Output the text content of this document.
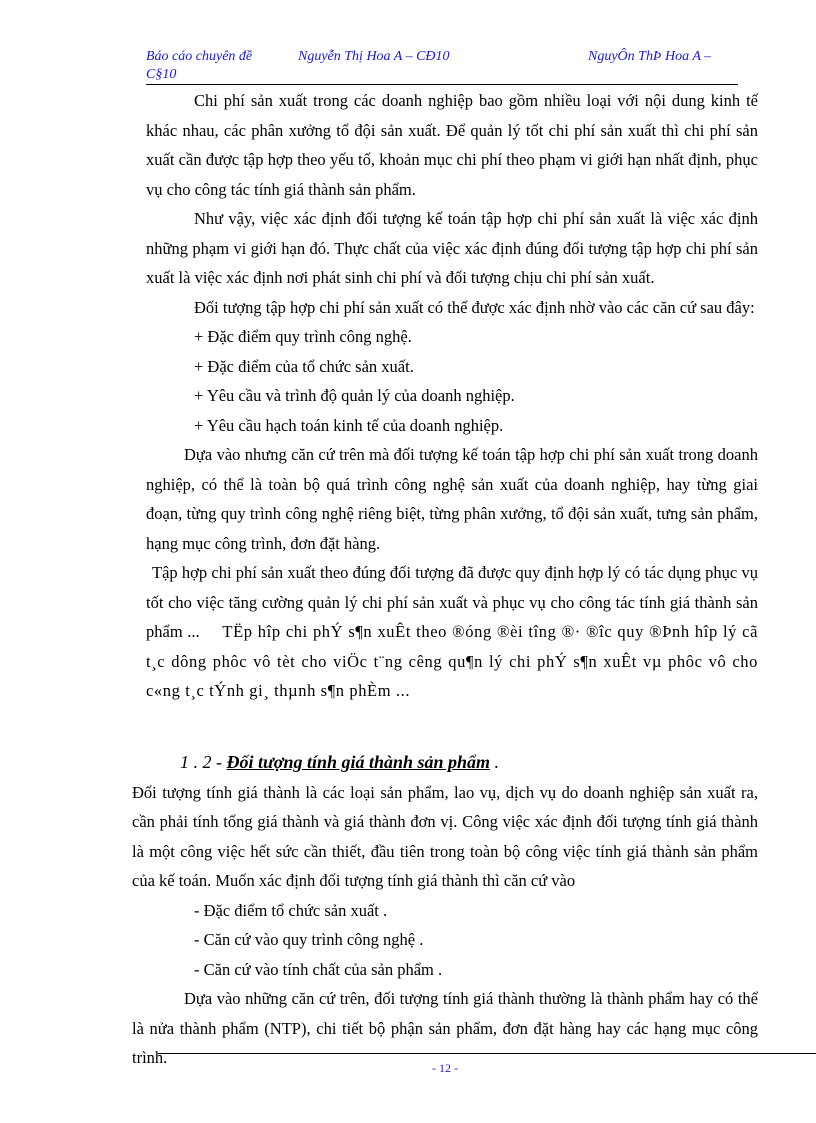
Báo cáo chuyên đề	Nguyễn Thị Hoa A – CĐ10	NguyÔn ThÞ Hoa A –
C§10

Chi phí sản xuất trong các doanh nghiệp bao gồm nhiều loại với nội dung kinh tế khác nhau, các phân xưởng tổ đội sản xuất. Để quản lý tốt chi phí sản xuất thì chi phí sản xuất cần được tập hợp theo yếu tố, khoản mục chi phí theo phạm vi giới hạn nhất định, phục vụ cho công tác tính giá thành sản phẩm.

Như vậy, việc xác định đối tượng kế toán tập hợp chi phí sản xuất là việc xác định những phạm vi giới hạn đó. Thực chất của việc xác định đúng đối tượng tập hợp chi phí sản xuất là việc xác định nơi phát sinh chi phí và đối tượng chịu chi phí sản xuất.

Đối tượng tập hợp chi phí sản xuất có thể được xác định nhờ vào các căn cứ sau đây:

+ Đặc điểm quy trình công nghệ.

+ Đặc điểm của tổ chức sản xuất.

+ Yêu cầu và trình độ quản lý của doanh nghiệp.

+ Yêu cầu hạch toán kinh tế của doanh nghiệp.

Dựa vào nhưng căn cứ trên mà đối tượng kế toán tập hợp chi phí sản xuất trong doanh nghiệp, có thể là toàn bộ quá trình công nghệ sản xuất của doanh nghiệp, hay từng giai đoạn, từng quy trình công nghệ riêng biệt, từng phân xưởng, tổ đội sản xuất, tưng sản phẩm, hạng mục công trình, đơn đặt hàng.

Tập hợp chi phí sản xuất theo đúng đối tượng đã được quy định hợp lý có tác dụng phục vụ tốt cho việc tăng cường quản lý chi phí sản xuất và phục vụ cho công tác tính giá thành sản phẩm ... TËp hîp chi phÝ s¶n xuÊt theo ®óng ®èi tîng ®· ®îc quy ®Þnh hîp lý cã t¸c dông phôc vô tèt cho viÖc t¨ng cêng qu¶n lý chi phÝ s¶n xuÊt vµ phôc vô cho c«ng t¸c tÝnh gi¸ thµnh s¶n phÈm ...

1 . 2 - Đối tượng tính giá thành sản phẩm .

Đối tượng tính giá thành là các loại sản phẩm, lao vụ, dịch vụ do doanh nghiệp sản xuất ra, cần phải tính tổng giá thành và giá thành đơn vị. Công việc xác định đối tượng tính giá thành là một công việc hết sức cần thiết, đầu tiên trong toàn bộ công việc tính giá thành sản phẩm của kế toán. Muốn xác định đối tượng tính giá thành thì căn cứ vào

- Đặc điểm tổ chức sản xuất .

- Căn cứ vào quy trình công nghệ .

- Căn cứ vào tính chất của sản phẩm .

Dựa vào những căn cứ trên, đối tượng tính giá thành thường là thành phẩm hay có thể là nửa thành phẩm (NTP), chi tiết bộ phận sản phẩm, đơn đặt hàng hay các hạng mục công trình.

- 12 -
